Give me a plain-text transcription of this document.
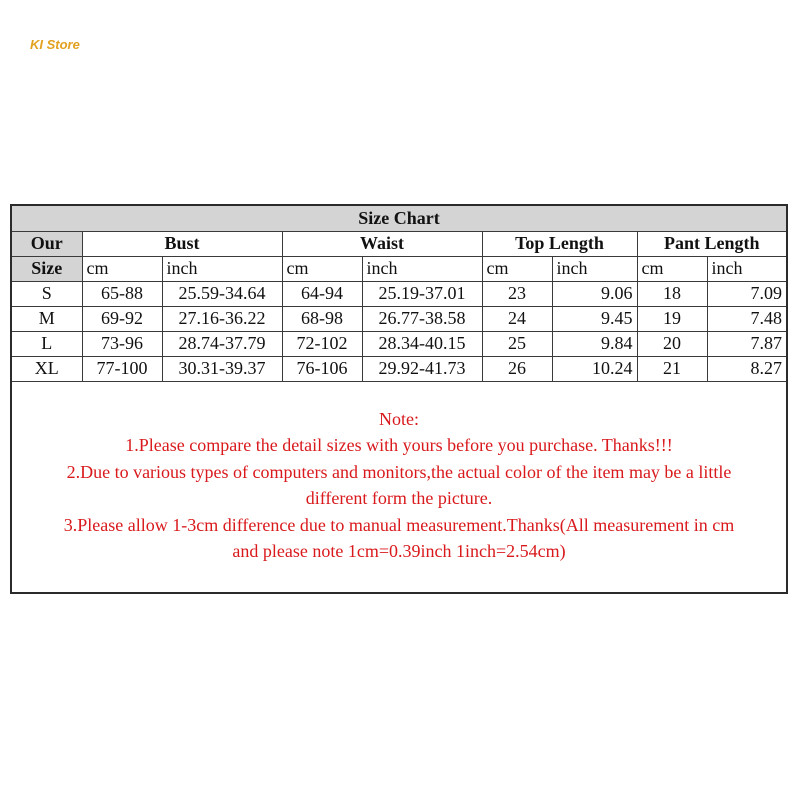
KI Store
Size Chart								
Our	Bust		Waist		Top Length		Pant Length	
Size	cm	inch	cm	inch	cm	inch	cm	inch
S	65-88	25.59-34.64	64-94	25.19-37.01	23	9.06	18	7.09
M	69-92	27.16-36.22	68-98	26.77-38.58	24	9.45	19	7.48
L	73-96	28.74-37.79	72-102	28.34-40.15	25	9.84	20	7.87
XL	77-100	30.31-39.37	76-106	29.92-41.73	26	10.24	21	8.27
Note:
1.Please compare the detail sizes with yours before you purchase. Thanks!!!
2.Due to various types of computers and monitors,the actual color of the item may be a little
different form the picture.
3.Please allow 1-3cm difference due to manual measurement.Thanks(All measurement in cm
and please note 1cm=0.39inch 1inch=2.54cm)
